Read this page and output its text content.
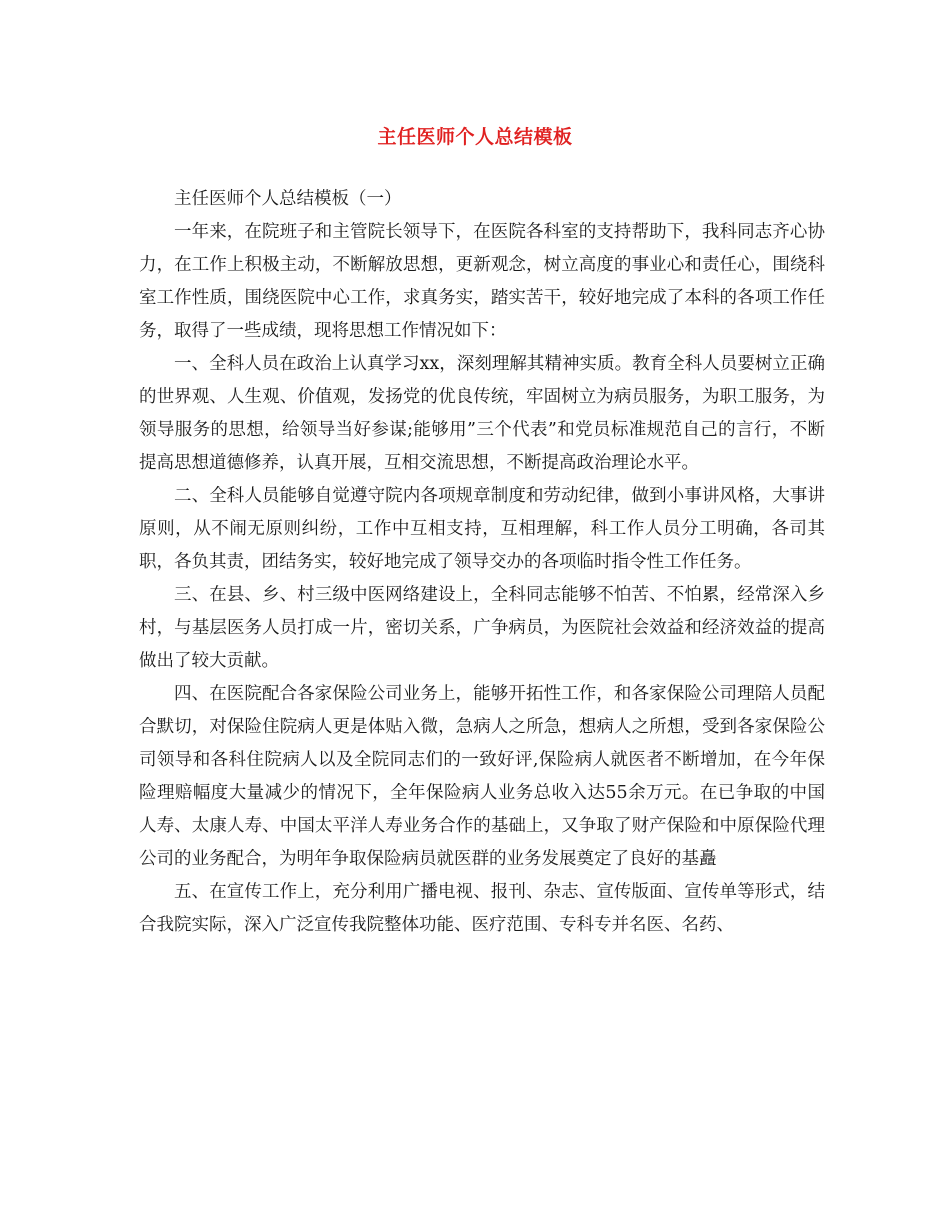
主任医师个人总结模板

主任医师个人总结模板（一）

一年来，在院班子和主管院长领导下，在医院各科室的支持帮助下，我科同志齐心协力，在工作上积极主动，不断解放思想，更新观念，树立高度的事业心和责任心，围绕科室工作性质，围绕医院中心工作，求真务实，踏实苦干，较好地完成了本科的各项工作任务，取得了一些成绩，现将思想工作情况如下：

一、全科人员在政治上认真学习xx，深刻理解其精神实质。教育全科人员要树立正确的世界观、人生观、价值观，发扬党的优良传统，牢固树立为病员服务，为职工服务，为领导服务的思想，给领导当好参谋;能够用”三个代表”和党员标准规范自己的言行，不断提高思想道德修养，认真开展，互相交流思想，不断提高政治理论水平。

二、全科人员能够自觉遵守院内各项规章制度和劳动纪律，做到小事讲风格，大事讲原则，从不闹无原则纠纷，工作中互相支持，互相理解，科工作人员分工明确，各司其职，各负其责，团结务实，较好地完成了领导交办的各项临时指令性工作任务。

三、在县、乡、村三级中医网络建设上，全科同志能够不怕苦、不怕累，经常深入乡村，与基层医务人员打成一片，密切关系，广争病员，为医院社会效益和经济效益的提高做出了较大贡献。

四、在医院配合各家保险公司业务上，能够开拓性工作，和各家保险公司理陪人员配合默切，对保险住院病人更是体贴入微，急病人之所急，想病人之所想，受到各家保险公司领导和各科住院病人以及全院同志们的一致好评,保险病人就医者不断增加，在今年保险理赔幅度大量减少的情况下，全年保险病人业务总收入达55余万元。在已争取的中国人寿、太康人寿、中国太平洋人寿业务合作的基础上，又争取了财产保险和中原保险代理公司的业务配合，为明年争取保险病员就医群的业务发展奠定了良好的基矗

五、在宣传工作上，充分利用广播电视、报刊、杂志、宣传版面、宣传单等形式，结合我院实际，深入广泛宣传我院整体功能、医疗范围、专科专并名医、名药、
